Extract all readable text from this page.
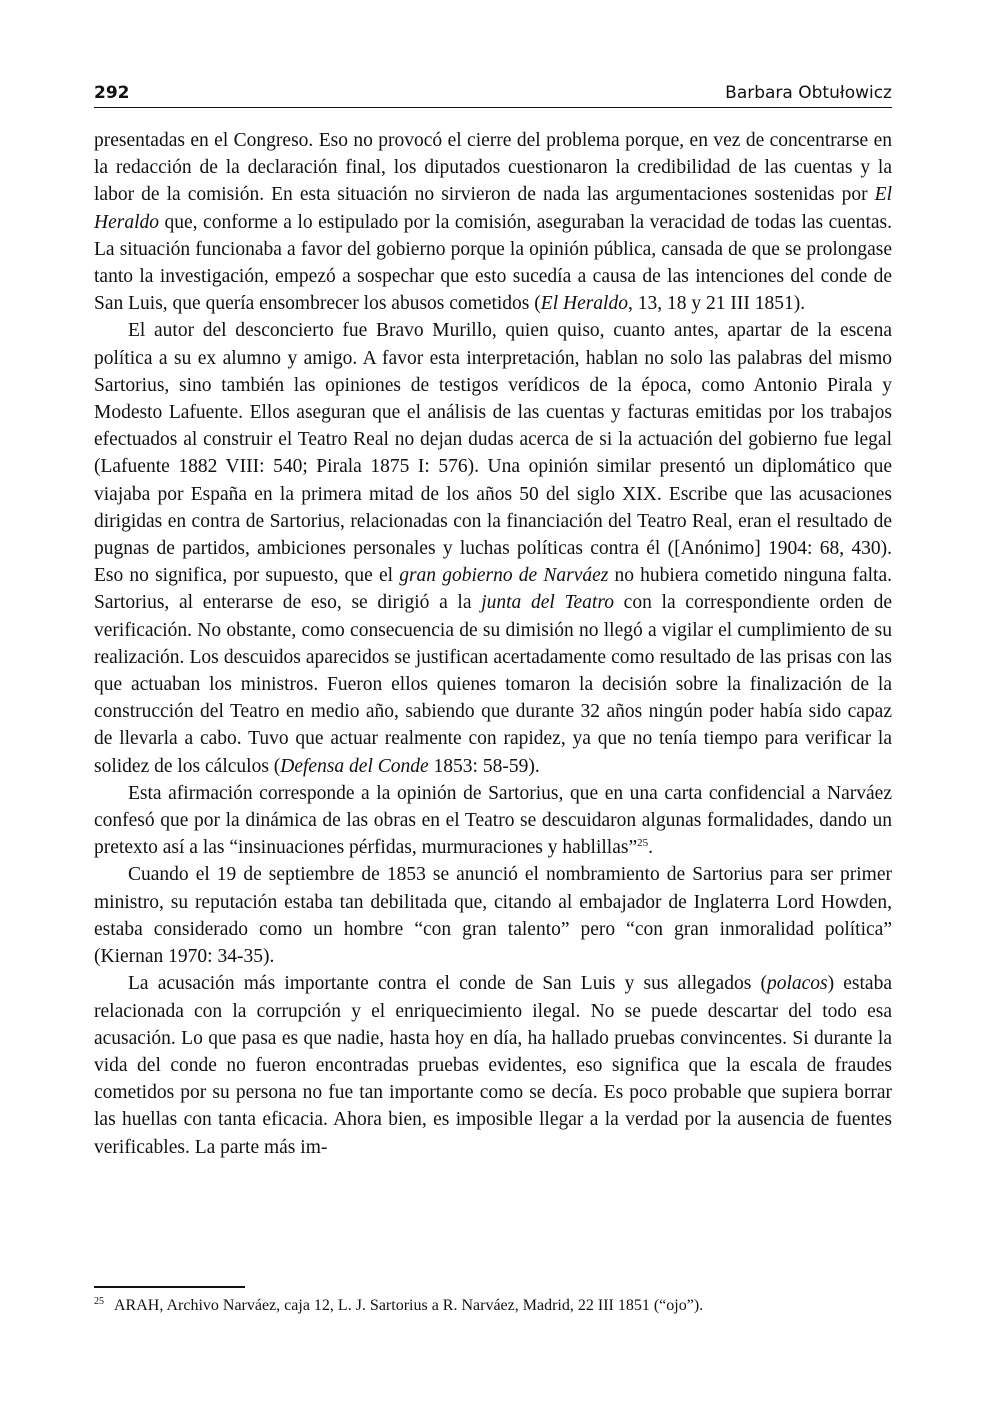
292	Barbara Obtułowicz

presentadas en el Congreso. Eso no provocó el cierre del problema porque, en vez de concentrarse en la redacción de la declaración final, los diputados cuestionaron la credibilidad de las cuentas y la labor de la comisión. En esta situación no sirvieron de nada las argumentaciones sostenidas por El Heraldo que, conforme a lo estipulado por la comisión, aseguraban la veracidad de todas las cuentas. La situación funcionaba a favor del gobierno porque la opinión pública, cansada de que se prolongase tanto la investigación, empezó a sospechar que esto sucedía a causa de las intenciones del conde de San Luis, que quería ensombrecer los abusos cometidos (El Heraldo, 13, 18 y 21 III 1851).

El autor del desconcierto fue Bravo Murillo, quien quiso, cuanto antes, apartar de la escena política a su ex alumno y amigo. A favor esta interpretación, hablan no solo las palabras del mismo Sartorius, sino también las opiniones de testigos verídicos de la época, como Antonio Pirala y Modesto Lafuente. Ellos aseguran que el análisis de las cuentas y facturas emitidas por los trabajos efectuados al construir el Teatro Real no dejan dudas acerca de si la actuación del gobierno fue legal (Lafuente 1882 VIII: 540; Pirala 1875 I: 576). Una opinión similar presentó un diplomático que viajaba por España en la primera mitad de los años 50 del siglo XIX. Escribe que las acusaciones dirigidas en contra de Sartorius, relacionadas con la financiación del Teatro Real, eran el resultado de pugnas de partidos, ambiciones personales y luchas políticas contra él ([Anónimo] 1904: 68, 430). Eso no significa, por supuesto, que el gran gobierno de Narváez no hubiera cometido ninguna falta. Sartorius, al enterarse de eso, se dirigió a la junta del Teatro con la correspondiente orden de verificación. No obstante, como consecuencia de su dimisión no llegó a vigilar el cumplimiento de su realización. Los descuidos aparecidos se justifican acertadamente como resultado de las prisas con las que actuaban los ministros. Fueron ellos quienes tomaron la decisión sobre la finalización de la construcción del Teatro en medio año, sabiendo que durante 32 años ningún poder había sido capaz de llevarla a cabo. Tuvo que actuar realmente con rapidez, ya que no tenía tiempo para verificar la solidez de los cálculos (Defensa del Conde 1853: 58-59).

Esta afirmación corresponde a la opinión de Sartorius, que en una carta confidencial a Narváez confesó que por la dinámica de las obras en el Teatro se descuidaron algunas formalidades, dando un pretexto así a las “insinuaciones pérfidas, murmuraciones y hablillas”$^{25}$.

Cuando el 19 de septiembre de 1853 se anunció el nombramiento de Sartorius para ser primer ministro, su reputación estaba tan debilitada que, citando al embajador de Inglaterra Lord Howden, estaba considerado como un hombre “con gran talento” pero “con gran inmoralidad política” (Kiernan 1970: 34-35).

La acusación más importante contra el conde de San Luis y sus allegados (polacos) estaba relacionada con la corrupción y el enriquecimiento ilegal. No se puede descartar del todo esa acusación. Lo que pasa es que nadie, hasta hoy en día, ha hallado pruebas convincentes. Si durante la vida del conde no fueron encontradas pruebas evidentes, eso significa que la escala de fraudes cometidos por su persona no fue tan importante como se decía. Es poco probable que supiera borrar las huellas con tanta eficacia. Ahora bien, es imposible llegar a la verdad por la ausencia de fuentes verificables. La parte más im-

$^{25}$ ARAH, Archivo Narváez, caja 12, L. J. Sartorius a R. Narváez, Madrid, 22 III 1851 (“ojo”).
